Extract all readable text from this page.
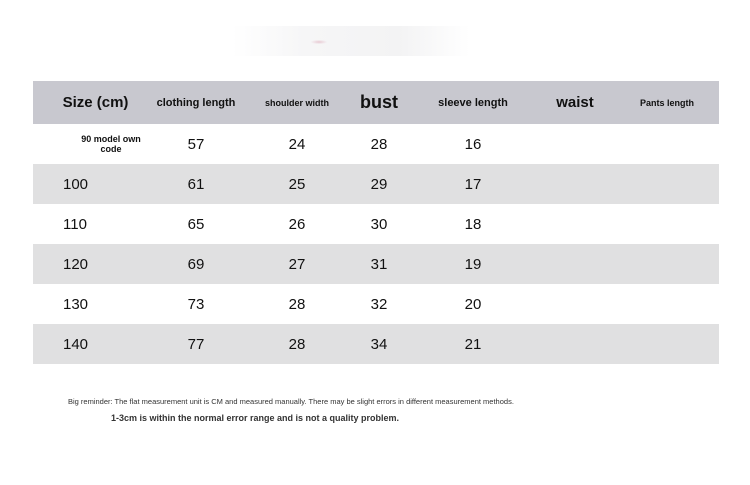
Size (cm)	clothing length	shoulder width	bust	sleeve length	waist	Pants length
90 model own code	57	24	28	16
100	61	25	29	17
110	65	26	30	18
120	69	27	31	19
130	73	28	32	20
140	77	28	34	21
Big reminder: The flat measurement unit is CM and measured manually. There may be slight errors in different measurement methods.
1-3cm is within the normal error range and is not a quality problem.
